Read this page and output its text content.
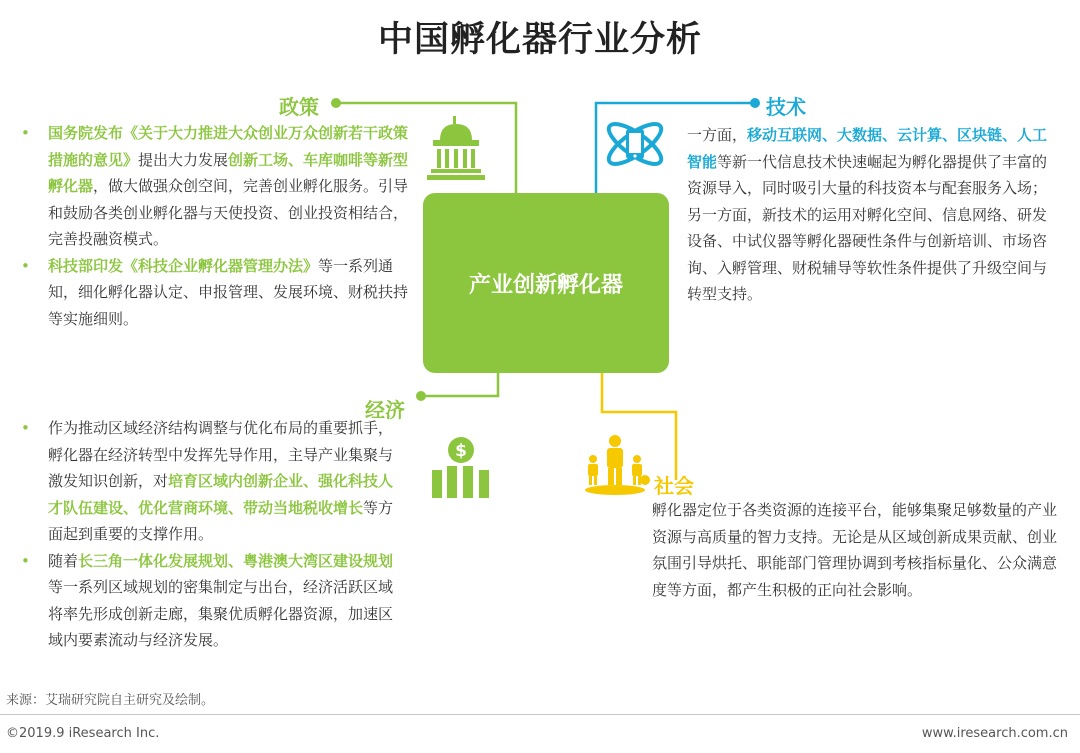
中国孵化器行业分析
政策

• 国务院发布《关于大力推进大众创业万众创新若干政策措施的意见》提出大力发展创新工场、车库咖啡等新型孵化器，做大做强众创空间，完善创业孵化服务。引导和鼓励各类创业孵化器与天使投资、创业投资相结合，完善投融资模式。

• 科技部印发《科技企业孵化器管理办法》等一系列通知，细化孵化器认定、申报管理、发展环境、财税扶持等实施细则。

技术
一方面，移动互联网、大数据、云计算、区块链、人工智能等新一代信息技术快速崛起为孵化器提供了丰富的资源导入，同时吸引大量的科技资本与配套服务入场；另一方面，新技术的运用对孵化空间、信息网络、研发设备、中试仪器等孵化器硬性条件与创新培训、市场咨询、入孵管理、财税辅导等软性条件提供了升级空间与转型支持。
产业创新孵化器
经济
$

• 作为推动区域经济结构调整与优化布局的重要抓手，孵化器在经济转型中发挥先导作用，主导产业集聚与激发知识创新，对培育区域内创新企业、强化科技人才队伍建设、优化营商环境、带动当地税收增长等方面起到重要的支撑作用。

• 随着长三角一体化发展规划、粤港澳大湾区建设规划等一系列区域规划的密集制定与出台，经济活跃区域将率先形成创新走廊，集聚优质孵化器资源，加速区域内要素流动与经济发展。

社会
孵化器定位于各类资源的连接平台，能够集聚足够数量的产业资源与高质量的智力支持。无论是从区域创新成果贡献、创业氛围引导烘托、职能部门管理协调到考核指标量化、公众满意度等方面，都产生积极的正向社会影响。
来源：艾瑞研究院自主研究及绘制。
©2019.9 iResearch Inc.	www.iresearch.com.cn
